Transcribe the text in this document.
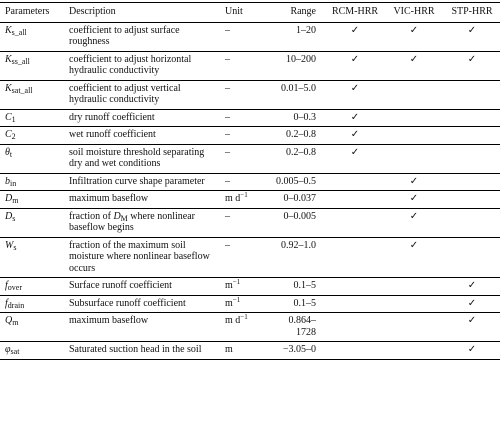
Parameters	Description	Unit	Range	RCM-HRR	VIC-HRR	STP-HRR
$K_{s\_all}$	coefficient to adjust surface roughness	–	1–20	✓	✓	✓
$K_{ss\_all}$	coefficient to adjust horizontal hydraulic conductivity	–	10–200	✓	✓	✓
$K_{sat\_all}$	coefficient to adjust vertical hydraulic conductivity	–	0.01–5.0	✓		
$C_1$	dry runoff coefficient	–	0–0.3	✓		
$C_2$	wet runoff coefficient	–	0.2–0.8	✓		
$\theta_t$	soil moisture threshold separating dry and wet conditions	–	0.2–0.8	✓		
$b_{in}$	Infiltration curve shape parameter	–	0.005–0.5		✓	
$D_m$	maximum baseflow	m $d^{-1}$	0–0.037		✓	
$D_s$	fraction of $D_M$ where nonlinear baseflow begins	–	0–0.005		✓	
$W_s$	fraction of the maximum soil moisture where nonlinear baseflow occurs	–	0.92–1.0		✓	
$f_{over}$	Surface runoff coefficient	$m^{-1}$	0.1–5			✓
$f_{drain}$	Subsurface runoff coefficient	$m^{-1}$	0.1–5			✓
$Q_m$	maximum baseflow	m $d^{-1}$	0.864–1728			✓
$\varphi_{sat}$	Saturated suction head in the soil	m	−3.05–0			✓
